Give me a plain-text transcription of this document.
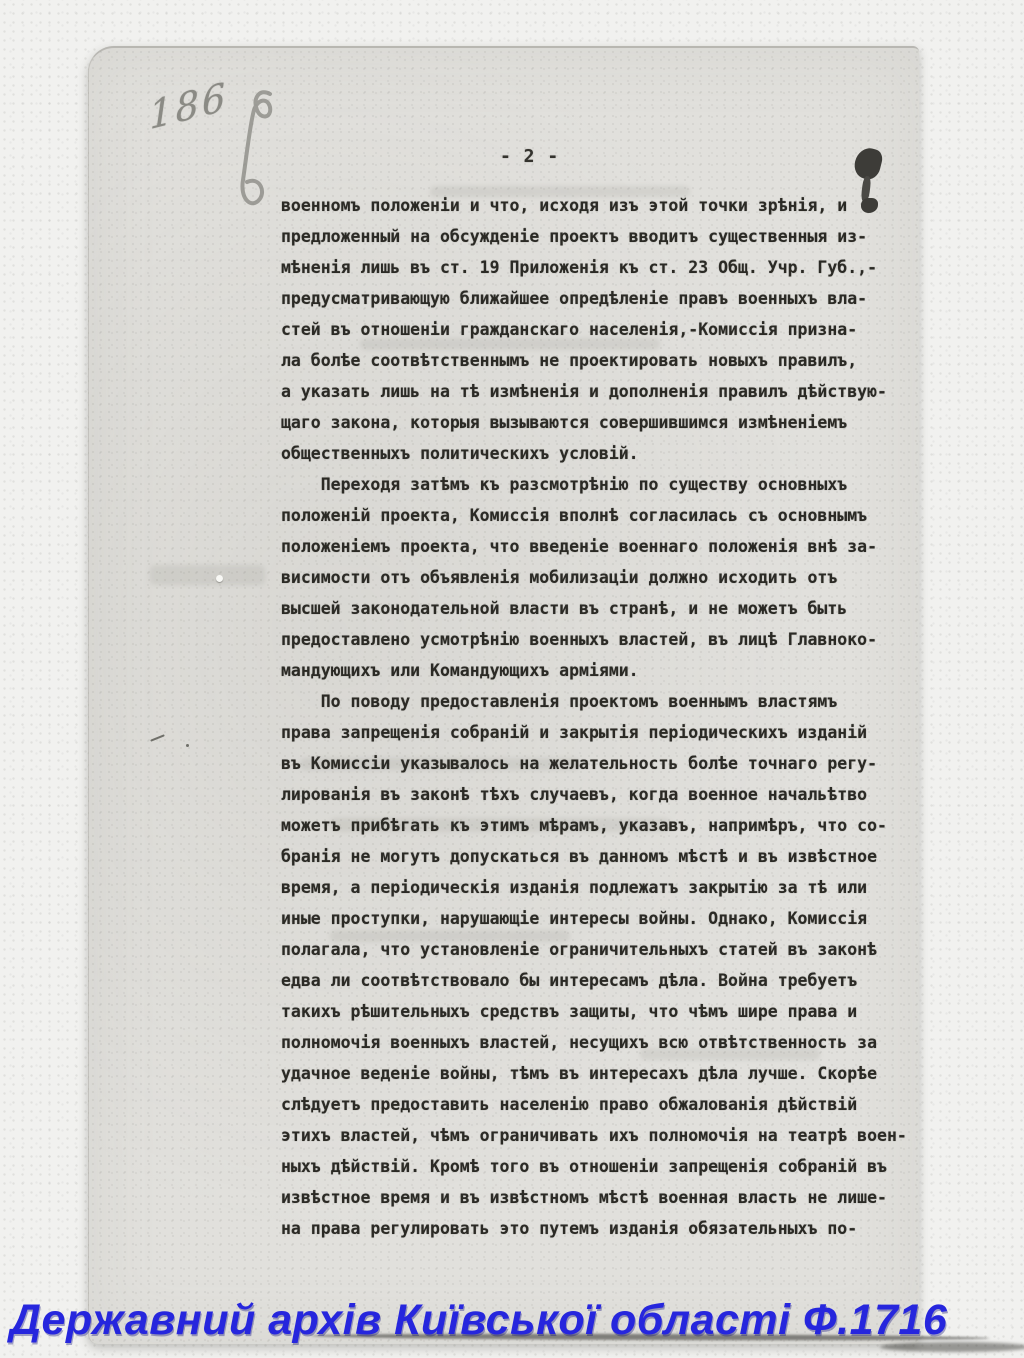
186
- 2 -
военномъ положеніи и что, исходя изъ этой точки зрѣнія, и
предложенный на обсужденіе проектъ вводитъ существенныя из-
мѣненія лишь въ ст. 19 Приложенія къ ст. 23 Общ. Учр. Губ.,-
предусматривающую ближайшее опредѣленіе правъ военныхъ вла-
стей въ отношеніи гражданскаго населенія,-Комиссія призна-
ла болѣе соотвѣтственнымъ не проектировать новыхъ правилъ,
а указать лишь на тѣ измѣненія и дополненія правилъ дѣйствую-
щаго закона, которыя вызываются совершившимся измѣненіемъ
общественныхъ политическихъ условій.
Переходя затѣмъ къ разсмотрѣнію по существу основныхъ
положеній проекта, Комиссія вполнѣ согласилась съ основнымъ
положеніемъ проекта, что введеніе военнаго положенія внѣ за-
висимости отъ объявленія мобилизаціи должно исходить отъ
высшей законодательной власти въ странѣ, и не можетъ быть
предоставлено усмотрѣнію военныхъ властей, въ лицѣ Главноко-
мандующихъ или Командующихъ арміями.
По поводу предоставленія проектомъ военнымъ властямъ
права запрещенія собраній и закрытія періодическихъ изданій
въ Комиссіи указывалось на желательность болѣе точнаго регу-
лированія въ законѣ тѣхъ случаевъ, когда военное начальѣтво
можетъ прибѣгать къ этимъ мѣрамъ, указавъ, напримѣръ, что со-
бранія не могутъ допускаться въ данномъ мѣстѣ и въ извѣстное
время, а періодическія изданія подлежатъ закрытію за тѣ или
иные проступки, нарушающіе интересы войны. Однако, Комиссія
полагала, что установленіе ограничительныхъ статей въ законѣ
едва ли соотвѣтствовало бы интересамъ дѣла. Война требуетъ
такихъ рѣшительныхъ средствъ защиты, что чѣмъ шире права и
полномочія военныхъ властей, несущихъ всю отвѣтственность за
удачное веденіе войны, тѣмъ въ интересахъ дѣла лучше. Скорѣе
слѣдуетъ предоставить населенію право обжалованія дѣйствій
этихъ властей, чѣмъ ограничивать ихъ полномочія на театрѣ воен-
ныхъ дѣйствій. Кромѣ того въ отношеніи запрещенія собраній въ
извѣстное время и въ извѣстномъ мѣстѣ военная власть не лише-
на права регулировать это путемъ изданія обязательныхъ по-
Державний архів Київської області Ф.1716
